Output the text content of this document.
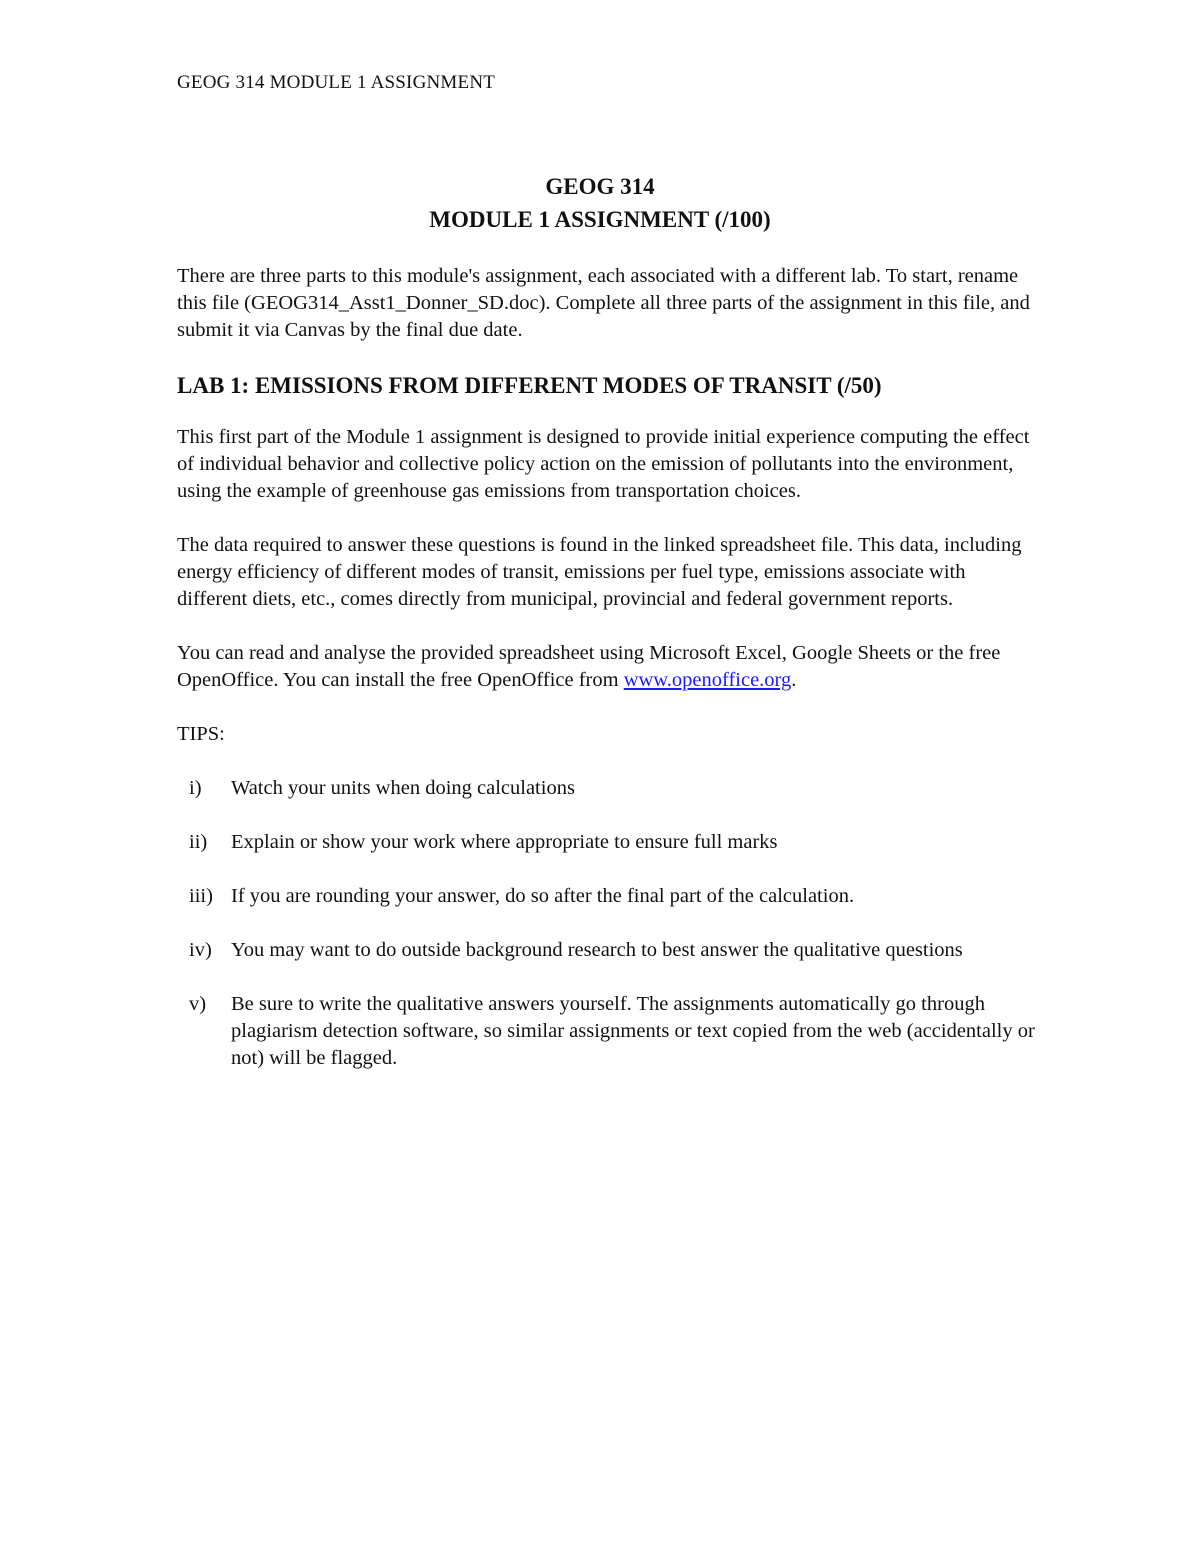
GEOG 314 MODULE 1 ASSIGNMENT
GEOG 314
MODULE 1 ASSIGNMENT (/100)

There are three parts to this module's assignment, each associated with a different lab. To start, rename this file (GEOG314_Asst1_Donner_SD.doc). Complete all three parts of the assignment in this file, and submit it via Canvas by the final due date.

LAB 1: EMISSIONS FROM DIFFERENT MODES OF TRANSIT (/50)

This first part of the Module 1 assignment is designed to provide initial experience computing the effect of individual behavior and collective policy action on the emission of pollutants into the environment, using the example of greenhouse gas emissions from transportation choices.

The data required to answer these questions is found in the linked spreadsheet file. This data, including energy efficiency of different modes of transit, emissions per fuel type, emissions associate with different diets, etc., comes directly from municipal, provincial and federal government reports.

You can read and analyse the provided spreadsheet using Microsoft Excel, Google Sheets or the free OpenOffice. You can install the free OpenOffice from www.openoffice.org.

TIPS:
i)	Watch your units when doing calculations
ii)	Explain or show your work where appropriate to ensure full marks
iii) If you are rounding your answer, do so after the final part of the calculation.
iv) You may want to do outside background research to best answer the qualitative questions
v)	Be sure to write the qualitative answers yourself. The assignments automatically go through plagiarism detection software, so similar assignments or text copied from the web (accidentally or not) will be flagged.
